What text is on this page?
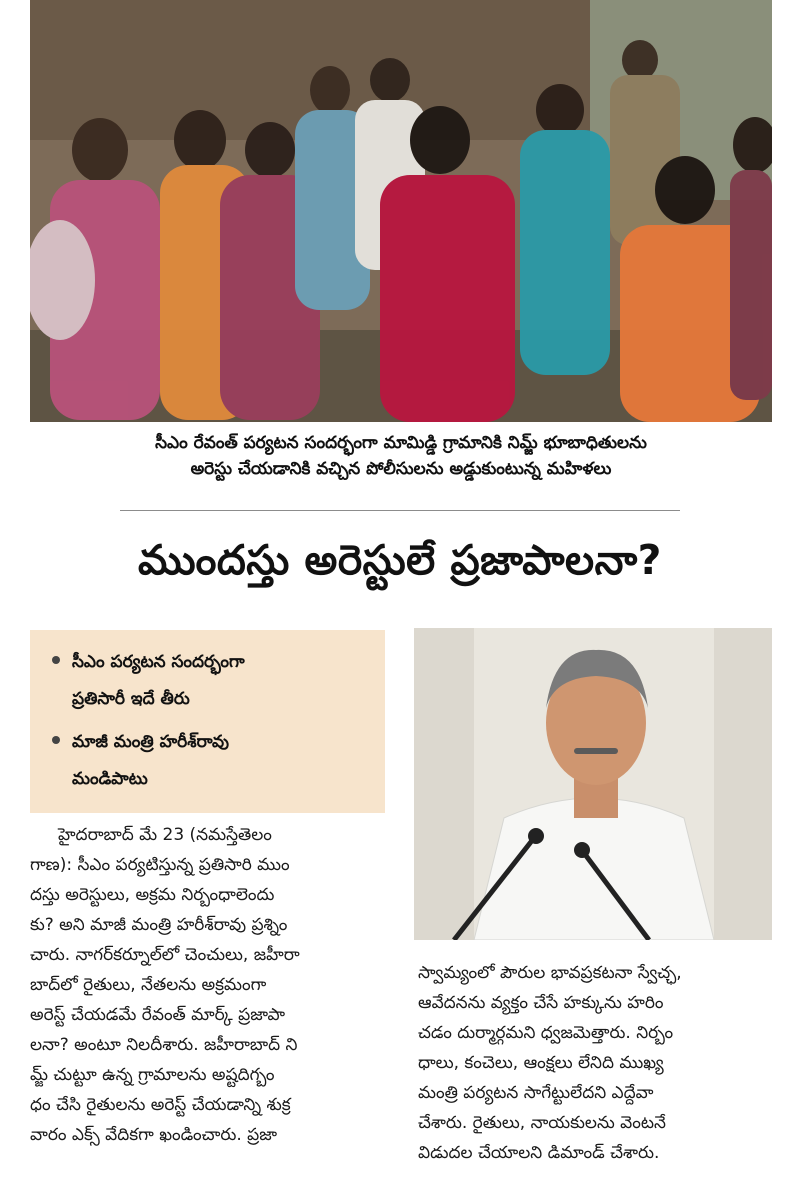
సీఎం రేవంత్ పర్యటన సందర్భంగా మామిడ్డి గ్రామానికి నిమ్జ్ భూబాధితులను
అరెస్టు చేయడానికి వచ్చిన పోలీసులను అడ్డుకుంటున్న మహిళలు
ముందస్తు అరెస్టులే ప్రజాపాలనా?
సీఎం పర్యటన సందర్భంగా
ప్రతిసారీ ఇదే తీరు
మాజీ మంత్రి హరీశ్‌రావు
మండిపాటు
హైదరాబాద్ మే 23 (నమస్తేతెలం
గాణ): సీఎం పర్యటిస్తున్న ప్రతిసారి ముం
దస్తు అరెస్టులు, అక్రమ నిర్బంధాలెందు
కు? అని మాజీ మంత్రి హరీశ్‌రావు ప్రశ్నిం
చారు. నాగర్‌కర్నూల్‌లో చెంచులు, జహీరా
బాద్‌లో రైతులు, నేతలను అక్రమంగా
అరెస్ట్ చేయడమే రేవంత్ మార్క్ ప్రజాపా
లనా? అంటూ నిలదీశారు. జహీరాబాద్ ని
మ్జ్ చుట్టూ ఉన్న గ్రామాలను అష్టదిగ్బం
ధం చేసి రైతులను అరెస్ట్ చేయడాన్ని శుక్ర
వారం ఎక్స్ వేదికగా ఖండించారు. ప్రజా
స్వామ్యంలో పౌరుల భావప్రకటనా స్వేచ్ఛ,
ఆవేదనను వ్యక్తం చేసే హక్కును హరిం
చడం దుర్మార్గమని ధ్వజమెత్తారు. నిర్బం
ధాలు, కంచెలు, ఆంక్షలు లేనిది ముఖ్య
మంత్రి పర్యటన సాగేట్టులేదని ఎద్దేవా
చేశారు. రైతులు, నాయకులను వెంటనే
విడుదల చేయాలని డిమాండ్ చేశారు.
